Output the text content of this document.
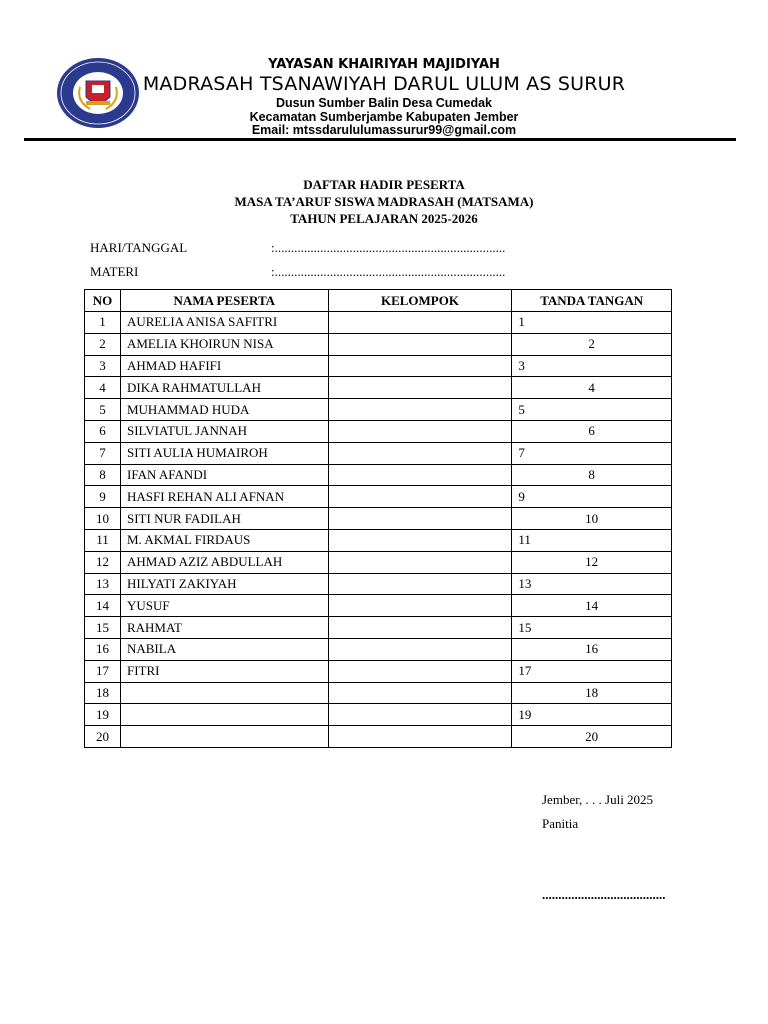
YAYASAN KHAIRIYAH MAJIDIYAH
MADRASAH TSANAWIYAH DARUL ULUM AS SURUR
Dusun Sumber Balin Desa Cumedak
Kecamatan Sumberjambe Kabupaten Jember
Email: mtssdarululumassurur99@gmail.com
DAFTAR HADIR PESERTA
MASA TA’ARUF SISWA MADRASAH (MATSAMA)
TAHUN PELAJARAN 2025-2026
HARI/TANGGAL	:.......................................................................
MATERI	:.......................................................................
NO	NAMA PESERTA	KELOMPOK	TANDA TANGAN
1	AURELIA ANISA SAFITRI		1
2	AMELIA KHOIRUN NISA		2
3	AHMAD HAFIFI		3
4	DIKA RAHMATULLAH		4
5	MUHAMMAD HUDA		5
6	SILVIATUL JANNAH		6
7	SITI AULIA HUMAIROH		7
8	IFAN AFANDI		8
9	HASFI REHAN ALI AFNAN		9
10	SITI NUR FADILAH		10
11	M. AKMAL FIRDAUS		11
12	AHMAD AZIZ ABDULLAH		12
13	HILYATI ZAKIYAH		13
14	YUSUF		14
15	RAHMAT		15
16	NABILA		16
17	FITRI		17
18			18
19			19
20			20
Jember, . . . Juli 2025
Panitia
......................................
